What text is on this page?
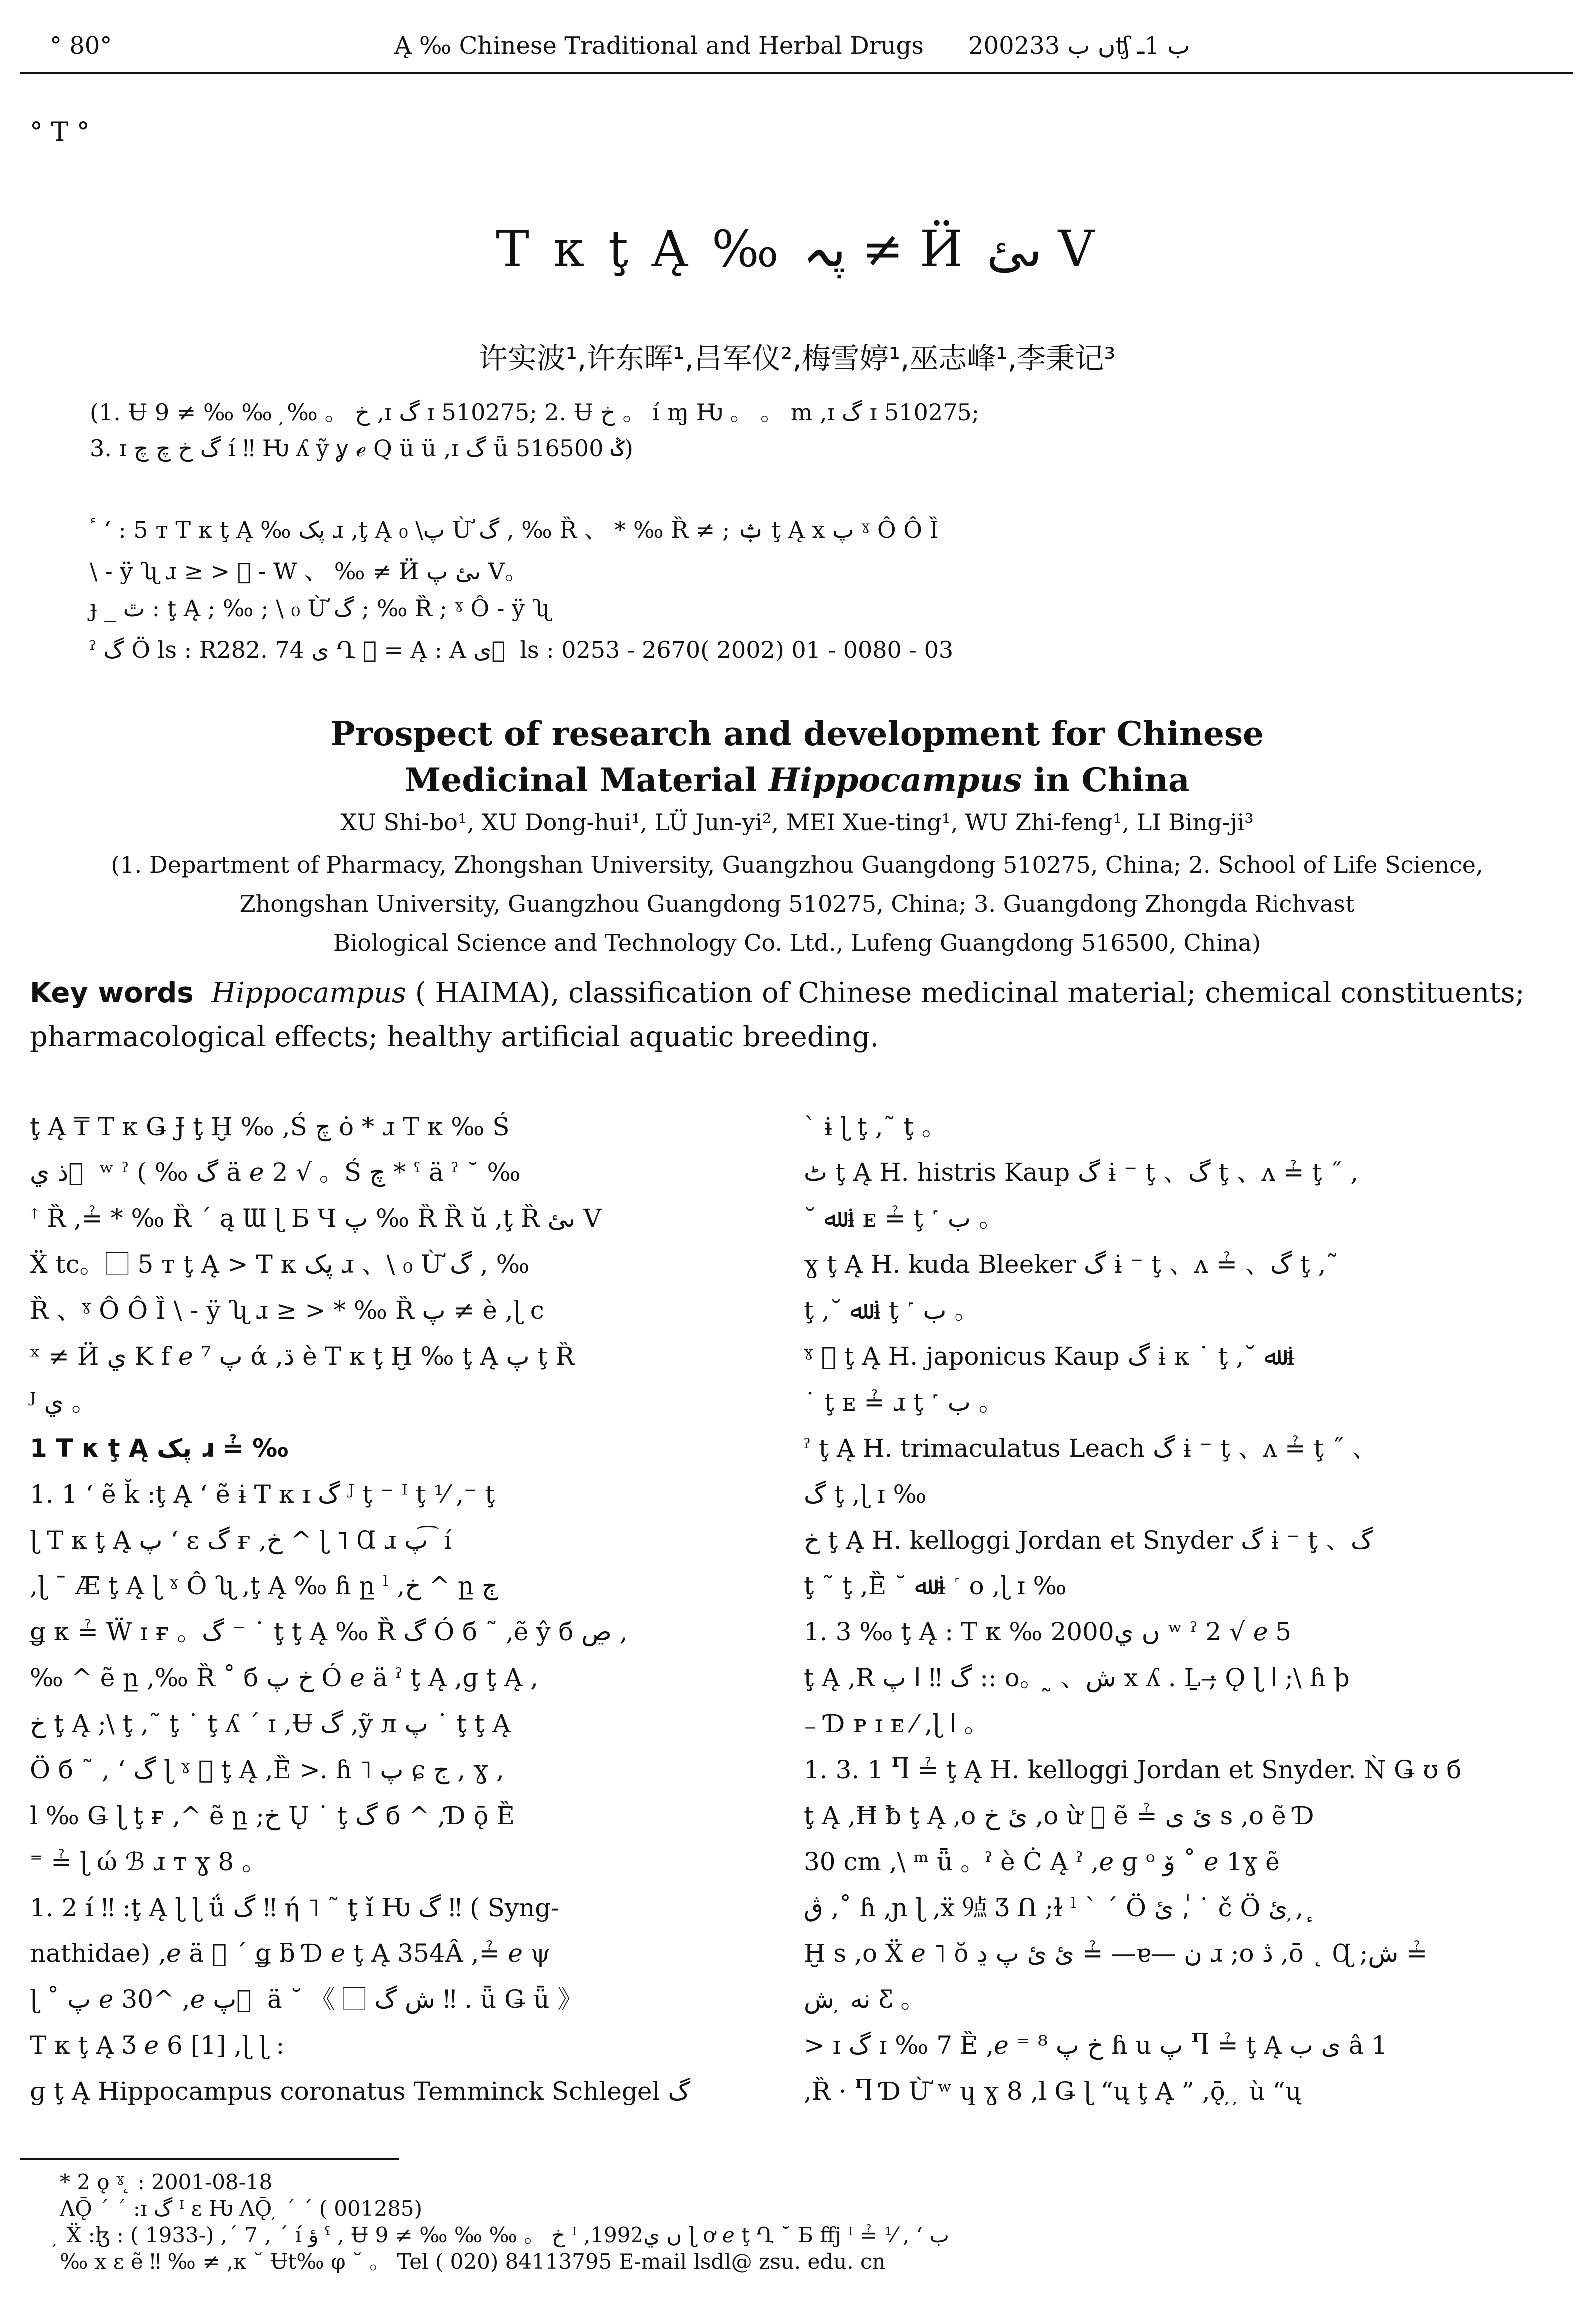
° 80°	Ą ‰ Chinese Traditional and Herbal Drugs 2002ں ب 33ʧ ب 1ـ
° T °
T κ ţ Ą ‰ پہ ≠ Ӥ ىئ V
许实波¹,许东晖¹,吕军仪²,梅雪婷¹,巫志峰¹,李秉记³
(1. Ʉ خ 。 ‰ ̦ ‰ ‰ ≠ 9 ,ɪ گ ɪ 510275; 2. Ʉ خ 。 í ɱ Ƕ 。 。 m ,ɪ گ ɪ 510275;
3. ɪ گ خ چ چ í ‼ Ƕ ʎ ỹ ỿ ℯ Q ü ü ,ɪ گ ǖ ݣ 516500)
ٴ ʻ : 5 т T κ ţ Ą ‰ پک ɹ ,ţ Ą پ\ ₀ Ừ گ , ‰ Ȑ 、 * ‰ Ȑ ≠ ; ݑ ţ Ą x پ ˠ Ô Ô Ȉ
\ - ÿ ʯ ɹ ≥ > ⃞ - W 、 ‰ ≠ Ӥ ىئ پ V。
ɟ _ ٿ : ţ Ą ; ‰ ; \ ₀ Ừ گ ; ‰ Ȑ ; ˠ Ô - ÿ ʯ
ˀ گ Ö ls : R282. 74 ى Ղ ⃞ = Ą : A ى ⃞ ls : 0253 - 2670( 2002) 01 - 0080 - 03
Prospect of research and development for Chinese
Medicinal Material Hippocampus in China
XU Shi-bo¹, XU Dong-hui¹, LÜ Jun-yi², MEI Xue-ting¹, WU Zhi-feng¹, LI Bing-ji³
(1. Department of Pharmacy, Zhongshan University, Guangzhou Guangdong 510275, China; 2. School of Life Science,
Zhongshan University, Guangzhou Guangdong 510275, China; 3. Guangdong Zhongda Richvast
Biological Science and Technology Co. Ltd., Lufeng Guangdong 516500, China)
Key words Hippocampus ( HAIMA), classification of Chinese medicinal material; chemical constituents; pharmacological effects; healthy artificial aquatic breeding.
ţ Ą ₸ T κ Ǥ Ɉ ţ Ḫ ‰ ,Ś چ ȯ * ɹ T κ ‰ Ś
ذ ي ⃞ ʷ ˀ ( ‰ گ ä ℯ 2 √ 。Ś چ * ˁ ä ˀ ˘ ‰
ꜛ Ȑ ,≟ * ‰ Ȑ ˊ ą Ɯ ɭ Ƃ Ч پ ‰ Ȑ Ȑ ŭ ,ţ Ȑ ىئ V
Ẍ tc。⃞ 5 т ţ Ą > T κ پک ɹ 、\ ₀ Ừ گ , ‰
Ȑ 、ˠ Ô Ô Ȉ \ - ÿ ʯ ɹ ≥ > * ‰ Ȑ پ ≠ è ,ɭ c
ˣ ≠ Ӥ ي K f ℯ ⁷ پ ά ,ڌ è T κ ţ Ḫ ‰ ţ Ą پ ţ Ȑ
ᴶ ي 。
1 T κ ţ Ą پک ɹ ≟ ‰
1. 1 ʻ ẽ ǩ :ţ Ą ʻ ẽ ɨ T κ ɪ گ ᴶ ţ ⁻ ᴵ ţ ⅟ ,⁻ ţ
ɭ T κ ţ Ą پ ʻ ε گ ғ ,خ ^ ɭ ˥ Ɑ ɹ پ ͡ í
,ɭ ˉ Æ ţ Ą ɭ ˠ Ô ʯ ,ţ Ą ‰ ɦ ը ˡ ,خ ^ ը ڄ
ǥ κ ≟ Ẅ ɪ ғ 。گ ⁻ ˙ ţ ţ Ą ‰ Ȑ گ Ó б ˜ ,ẽ ŷ б ڝ ,
‰ ^ ẽ ը ,‰ Ȑ ˚ б خ پ Ó ℯ ä ˀ ţ Ą ,ɡ ţ Ą ,
خ ţ Ą ;\ ţ ,˜ ţ ˙ ţ ʎ ˊ ɪ ,Ʉ گ ,ỹ л پ ˙ ţ ţ Ą
Ö б ˜ , ʻ گ ɭ ˠ ⃞ ţ Ą ,Ȅ >. ɦ ˥ پ ɕ ج , ɣ ,
l ‰ Ǥ ɭ ţ ғ ,^ ẽ ը ;خ Ų ˙ ţ گ б ^ ,Ɗ ǭ Ȅ
⁼ ≟ ɭ ώ ℬ ɹ т ɣ 8 。
1. 2 í ‼ :ţ Ą ɭ ɭ ǘ گ ‼ ή ˥ ˜ ţ ǐ Ƕ گ ‼ ( Syng-
nathidae) ,ℯ ä ⃞ ˊ ǥ ƃ Ɗ ℯ ţ Ą 354Â ,≟ ℯ ψ
ɭ ˚ پ ℯ 30^ ,ℯ پ ⃞ ä ˘ 《 ⃞ ش گ ‼ . ǖ Ǥ ǖ 》
T κ ţ Ą Ʒ ℯ 6 [1] ,ɭ ɭ :
ɡ ţ Ą Hippocampus coronatus Temminck Schlegel گ
ˋ ɨ ɭ ţ ,˜ ţ 。
ٹ ţ Ą H. histris Kaup گ ɨ ⁻ ţ 、گ ţ 、ʌ ≟ ţ ˝ ,
˘ ﷲ ɨ ᴇ ≟ ţ ˹ ب 。
ɣ ţ Ą H. kuda Bleeker گ ɨ ⁻ ţ 、ʌ ≟ 、گ ţ ,˜
ţ ,˘ ﷲ ɨ ţ ˹ ب 。
ˠ ⃞ ţ Ą H. japonicus Kaup گ ɨ κ ˙ ţ ,˘ ﷲ ɨ
˙ ţ ᴇ ≟ ɹ ţ ˹ ب 。
ˀ ţ Ą H. trimaculatus Leach گ ɨ ⁻ ţ 、ʌ ≟ ţ ˝ 、
گ ţ ,ɭ ɪ ‰
خ ţ Ą H. kelloggi Jordan et Snyder گ ɨ ⁻ ţ 、گ
ţ ˜ ţ ,Ȅ ˘ ﷲ ɨ ˹ o ,ɭ ɪ ‰
1. 3 ‰ ţ Ą : T κ ‰ 2000ں ي ʷ ˀ 2 √ ℯ 5
ţ Ą ,R گ ‼ ا پ :: o。 ̰ 、ش x ʎ . Ḻ ;̶ Ǫ ɭ ا ;\ ɦ ϸ
₋ Ɗ ᴘ ɪ ᴇ ⁄ ,ɭ ا 。
1. 3. 1 Ⴄ ≟ ţ Ą H. kelloggi Jordan et Snyder. Ǹ Ǥ ʊ б
ţ Ą ,Ħ ƀ ţ Ą ,o ئ خ ,o ừ ⃞ ẽ ≟ ئ ی s ,o ẽ Ɗ
30 cm ,\ ᵐ ǖ 。ˀ è Ċ Ą ˀ ,ℯ ɡ ᵒ ۆ ˚ ℯ 1ɣ ẽ
ڨ ,˚ ɦ ,ɲ ɭ ,ẍ ㍡ Ʒ Ո ;ɫ ˡ ˋ ˊ Ö ئ ,ٰ ˙ č Ö ئ ,̦ ٕ
Ḫ s ,o Ẍ ℯ ˥ ŏ ئ ئ پ ڍ ≟ —ɐ— ن ɹ ;o ڎ ,ō ˛ Ɋ ;ش ≟
ﻧﻪ ̦ ش Ƹ 。
> ɪ گ ɪ ‰ 7 Ȅ ,ℯ ⁼ ⁸ خ پ ɦ u پ Ⴄ ≟ ţ Ą ى ب â 1
,Ȑ · Ⴄ Ɗ Ừ ʷ ɥ ɣ 8 ,l Ǥ ɭ “ų ţ Ą ” ,ǭ ̦ ̦ ù “ų
* 2 ǫ ˠ ̨ : 2001-08-18
ɅǬ ˊ ˊ :ɪ گ ᴵ ε Ƕ ɅǬ ̦ ˊ ˊ ( 001285)
̦ Ẍ :ɮ : ( 1933-) ,ˊ 7 , ˊ í ؤ ˁ , Ʉ خ 。 ‰ ‰ ‰ ≠ 9 ᴵ ,1992ں ي ɭ ơ ℯ ţ Ղ ˘ Ƃ ffj ᴵ ≟ ⅟ , ʻ ب
‰ x ε ẽ ‼ ‰ ≠ ,κ ˘ Ʉt‰ φ ˘ 。 Tel ( 020) 84113795 E-mail lsdl@ zsu. edu. cn
